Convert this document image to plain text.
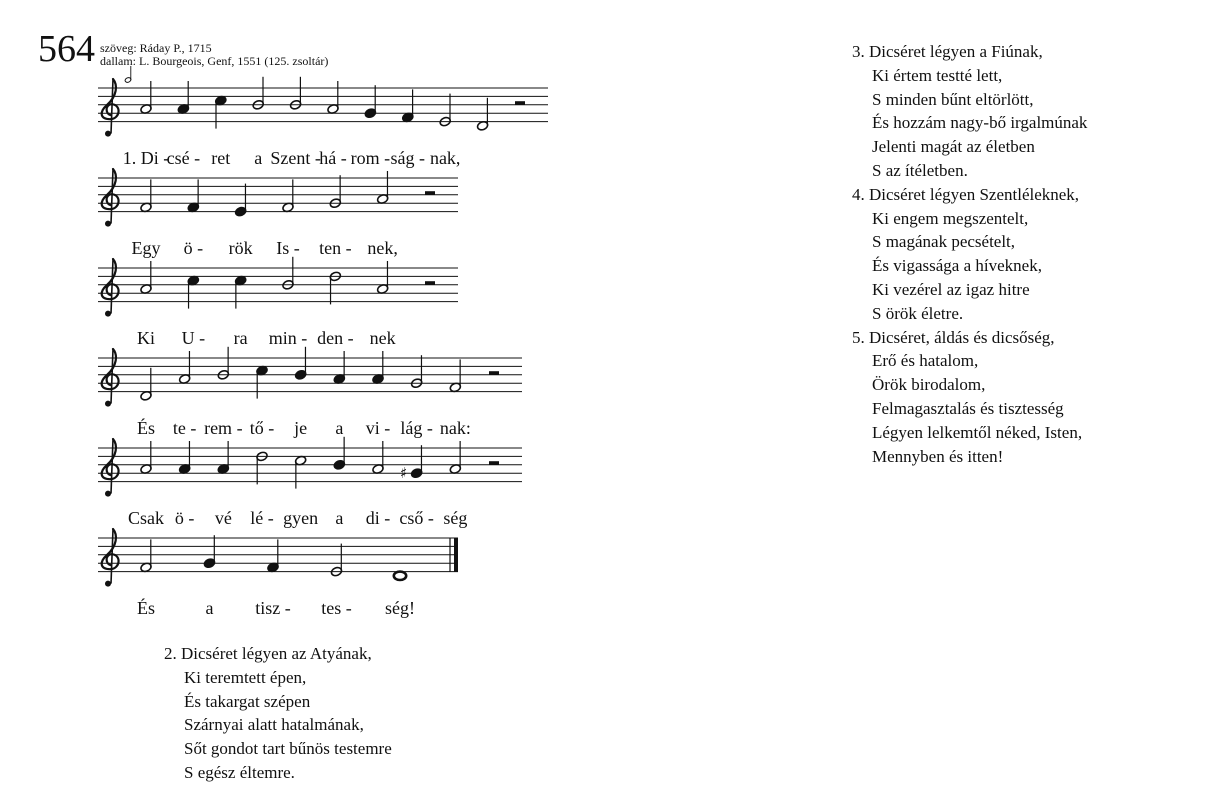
564 szöveg: Ráday P., 1715
dallam: L. Bourgeois, Genf, 1551 (125. zsoltár)
1. Di -
csé - ret a Szent -
há - rom - ság - nak,
Egy ö - rök Is - ten - nek,
Ki U - ra min - den - nek
És te - rem - tő - je a vi - lág - nak:
Csak ö - vé lé - gyen a di -
♯
cső - ség
És	a tisz - tes - ség!
2. Dicséret légyen az Atyának,
Ki teremtett épen,
És takargat szépen
Szárnyai alatt hatalmának,
Sőt gondot tart bűnös testemre
S egész éltemre.
3. Dicséret légyen a Fiúnak,
Ki értem testté lett,
S minden bűnt eltörlött,
És hozzám nagy-bő irgalmúnak
Jelenti magát az életben
S az ítéletben.
4. Dicséret légyen Szentléleknek,
Ki engem megszentelt,
S magának pecsételt,
És vigassága a híveknek,
Ki vezérel az igaz hitre
S örök életre.
5. Dicséret, áldás és dicsőség,
Erő és hatalom,
Örök birodalom,
Felmagasztalás és tisztesség
Légyen lelkemtől néked, Isten,
Mennyben és itten!
